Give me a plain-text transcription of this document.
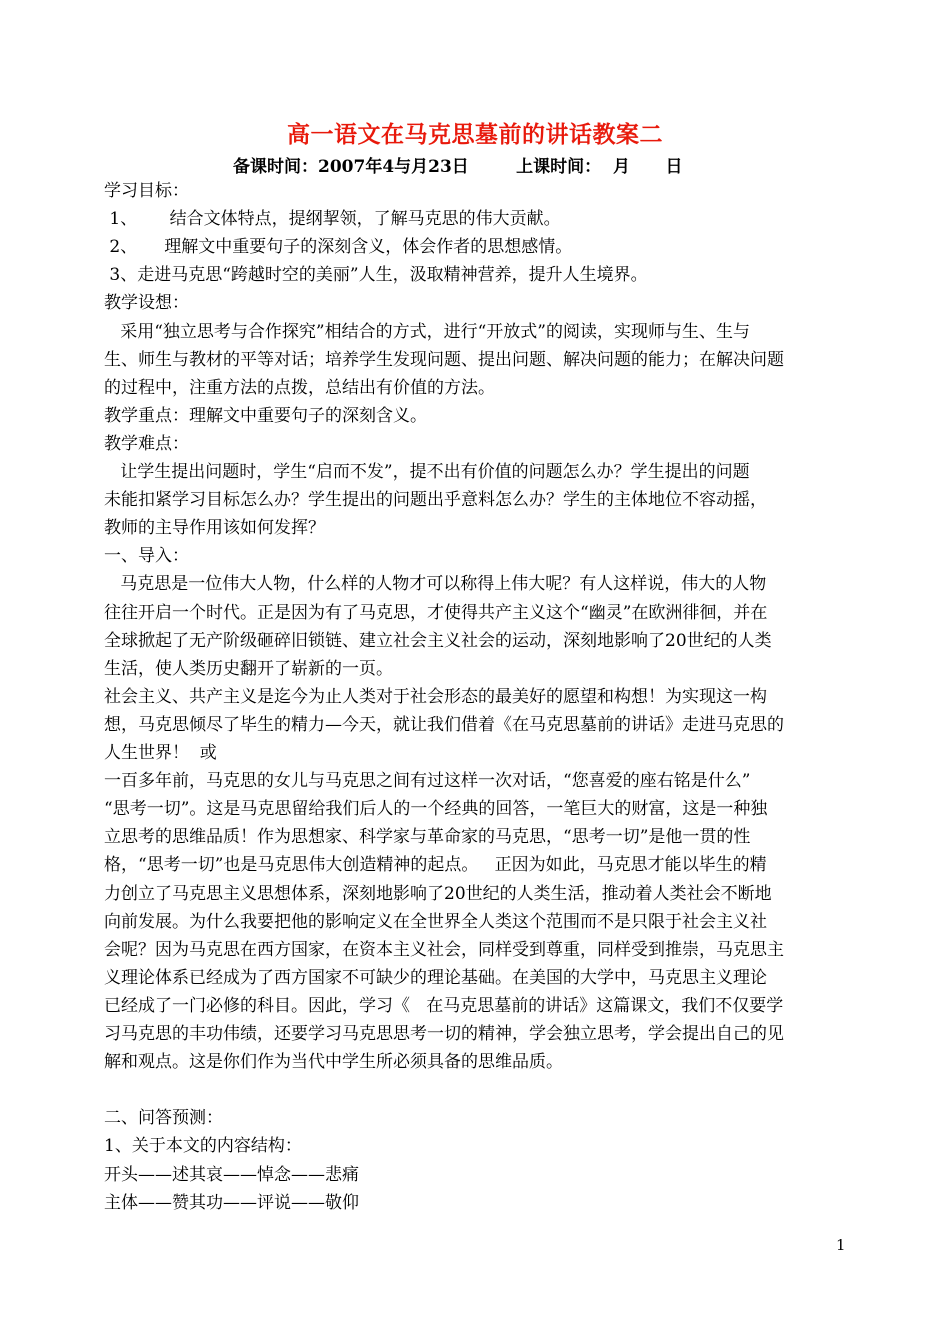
高一语文在马克思墓前的讲话教案二
备课时间：2007年4与月23日        上课时间：  月      日
学习目标：
1、      结合文体特点，提纲挈领，了解马克思的伟大贡献。
2、     理解文中重要句子的深刻含义，体会作者的思想感情。
3、走进马克思“跨越时空的美丽”人生，汲取精神营养，提升人生境界。
教学设想：
采用“独立思考与合作探究”相结合的方式，进行“开放式”的阅读，实现师与生、生与
生、师生与教材的平等对话；培养学生发现问题、提出问题、解决问题的能力；在解决问题
的过程中，注重方法的点拨，总结出有价值的方法。
教学重点：理解文中重要句子的深刻含义。
教学难点：
让学生提出问题时，学生“启而不发”，提不出有价值的问题怎么办？学生提出的问题
未能扣紧学习目标怎么办？学生提出的问题出乎意料怎么办？学生的主体地位不容动摇，
教师的主导作用该如何发挥？
一、导入：
马克思是一位伟大人物，什么样的人物才可以称得上伟大呢？有人这样说，伟大的人物
往往开启一个时代。正是因为有了马克思，才使得共产主义这个“幽灵”在欧洲徘徊，并在
全球掀起了无产阶级砸碎旧锁链、建立社会主义社会的运动，深刻地影响了20世纪的人类
生活，使人类历史翻开了崭新的一页。
社会主义、共产主义是迄今为止人类对于社会形态的最美好的愿望和构想！为实现这一构
想，马克思倾尽了毕生的精力—今天，就让我们借着《在马克思墓前的讲话》走进马克思的
人生世界！  或
一百多年前，马克思的女儿与马克思之间有过这样一次对话，“您喜爱的座右铭是什么”
“思考一切”。这是马克思留给我们后人的一个经典的回答，一笔巨大的财富，这是一种独
立思考的思维品质！作为思想家、科学家与革命家的马克思，“思考一切”是他一贯的性
格，“思考一切”也是马克思伟大创造精神的起点。   正因为如此，马克思才能以毕生的精
力创立了马克思主义思想体系，深刻地影响了20世纪的人类生活，推动着人类社会不断地
向前发展。为什么我要把他的影响定义在全世界全人类这个范围而不是只限于社会主义社
会呢？因为马克思在西方国家，在资本主义社会，同样受到尊重，同样受到推崇，马克思主
义理论体系已经成为了西方国家不可缺少的理论基础。在美国的大学中，马克思主义理论
已经成了一门必修的科目。因此，学习《   在马克思墓前的讲话》这篇课文，我们不仅要学
习马克思的丰功伟绩，还要学习马克思思考一切的精神，学会独立思考，学会提出自己的见
解和观点。这是你们作为当代中学生所必须具备的思维品质。
二、问答预测：
1、关于本文的内容结构：
开头——述其哀——悼念——悲痛
主体——赞其功——评说——敬仰
1
